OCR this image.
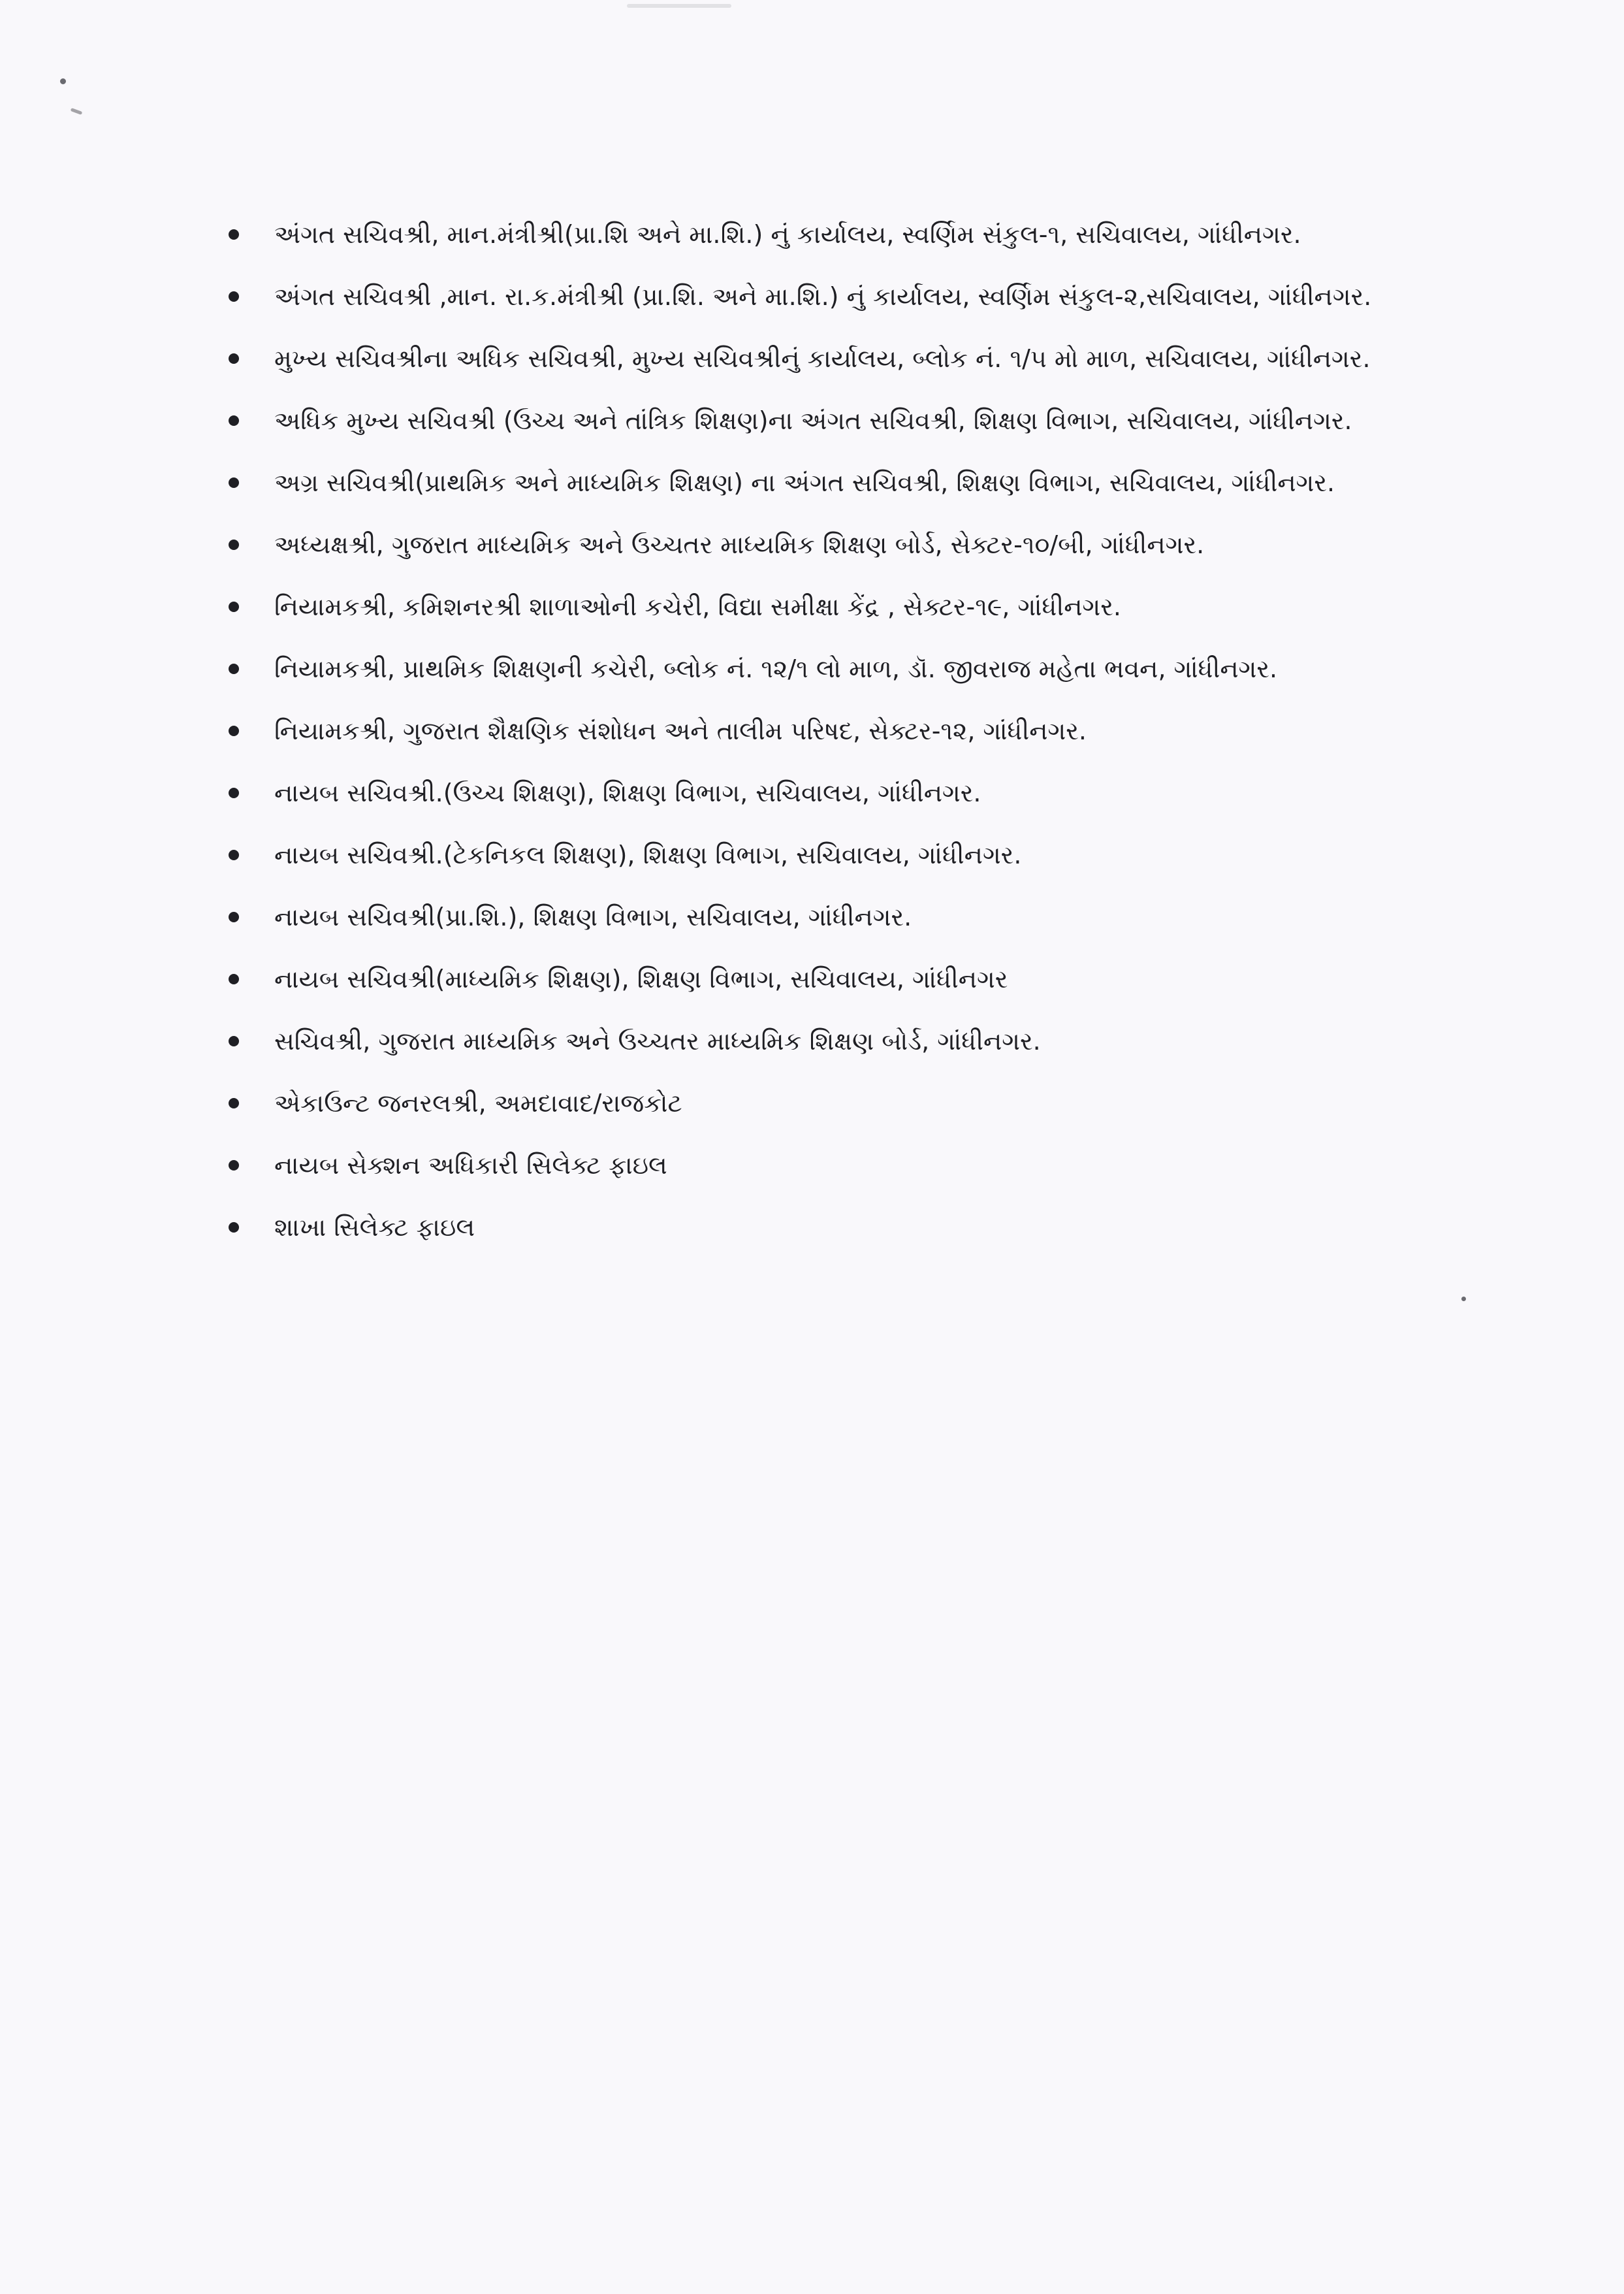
અંગત સચિવશ્રી, માન.મંત્રીશ્રી(પ્રા.શિ અને મા.શિ.) નું કાર્યાલય, સ્વર્ણિમ સંકુલ-૧, સચિવાલય, ગાંધીનગર.
અંગત સચિવશ્રી ,માન. રા.ક.મંત્રીશ્રી (પ્રા.શિ. અને મા.શિ.) નું કાર્યાલય, સ્વર્ણિમ સંકુલ-૨,સચિવાલય, ગાંધીનગર.
મુખ્ય સચિવશ્રીના અધિક સચિવશ્રી, મુખ્ય સચિવશ્રીનું કાર્યાલય, બ્લોક નં. ૧/૫ મો માળ, સચિવાલય, ગાંધીનગર.
અધિક મુખ્ય સચિવશ્રી (ઉચ્ચ અને તાંત્રિક શિક્ષણ)ના અંગત સચિવશ્રી, શિક્ષણ વિભાગ, સચિવાલય, ગાંધીનગર.
અગ્ર સચિવશ્રી(પ્રાથમિક અને માધ્યમિક શિક્ષણ) ના અંગત સચિવશ્રી, શિક્ષણ વિભાગ, સચિવાલય, ગાંધીનગર.
અધ્યક્ષશ્રી, ગુજરાત માધ્યમિક અને ઉચ્ચતર માધ્યમિક શિક્ષણ બોર્ડ, સેક્ટર-૧૦/બી, ગાંધીનગર.
નિયામકશ્રી, કમિશનરશ્રી શાળાઓની કચેરી, વિદ્યા સમીક્ષા કેંદ્ર , સેક્ટર-૧૯, ગાંધીનગર.
નિયામકશ્રી, પ્રાથમિક શિક્ષણની કચેરી, બ્લોક નં. ૧૨/૧ લો માળ, ડૉ. જીવરાજ મહેતા ભવન, ગાંધીનગર.
નિયામકશ્રી, ગુજરાત શૈક્ષણિક સંશોધન અને તાલીમ પરિષદ, સેક્ટર-૧૨, ગાંધીનગર.
નાયબ સચિવશ્રી.(ઉચ્ચ શિક્ષણ), શિક્ષણ વિભાગ, સચિવાલય, ગાંધીનગર.
નાયબ સચિવશ્રી.(ટેકનિકલ શિક્ષણ), શિક્ષણ વિભાગ, સચિવાલય, ગાંધીનગર.
નાયબ સચિવશ્રી(પ્રા.શિ.), શિક્ષણ વિભાગ, સચિવાલય, ગાંધીનગર.
નાયબ સચિવશ્રી(માધ્યમિક શિક્ષણ), શિક્ષણ વિભાગ, સચિવાલય, ગાંધીનગર
સચિવશ્રી, ગુજરાત માધ્યમિક અને ઉચ્ચતર માધ્યમિક શિક્ષણ બોર્ડ, ગાંધીનગર.
એકાઉન્ટ જનરલશ્રી, અમદાવાદ/રાજકોટ
નાયબ સેક્શન અધિકારી સિલેક્ટ ફાઇલ
શાખા સિલેક્ટ ફાઇલ
